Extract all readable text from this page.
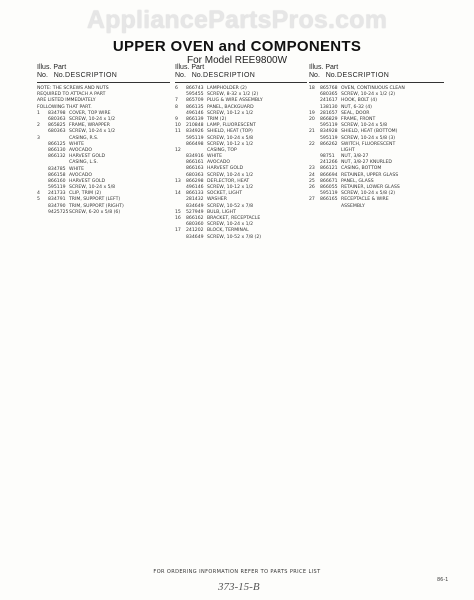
AppliancePartsPros.com
UPPER OVEN and COMPONENTS
For Model REE9800W
Illus. Part
No. No. DESCRIPTION
NOTE: THE SCREWS AND NUTS
REQUIRED TO ATTACH A PART
ARE LISTED IMMEDIATELY
FOLLOWING THAT PART.
1	834798 COVER, TOP WIRE
680363 SCREW, 10-24 x 1/2
2	865825 FRAME, WRAPPER
680363 SCREW, 10-24 x 1/2
3	CASING, R.S.
866125 WHITE
866130 AVOCADO
866132 HARVEST GOLD
CASING, L.S.
834785 WHITE
866158 AVOCADO
866160 HARVEST GOLD
595119 SCREW, 10-24 x 5/8
4	241733 CLIP, TRIM (2)
5	834791 TRIM, SUPPORT (LEFT)
834790 TRIM, SUPPORT (RIGHT)
9425725 SCREW, 6-20 x 5/8 (6)
Illus. Part
No. No. DESCRIPTION
6	866743 LAMPHOLDER (2)
595455 SCREW, 8-32 x 1/2 (2)
7	865709 PLUG & WIRE ASSEMBLY
8	866135 PANEL, BACKGUARD
496146 SCREW, 10-12 x 1/2
9	866139 TRIM (2)
10	210848 LAMP, FLUORESCENT
11	834926 SHIELD, HEAT (TOP)
595119 SCREW, 10-24 x 5/8
866498 SCREW, 10-12 x 1/2
12	CASING, TOP
834916 WHITE
866161 AVOCADO
866163 HARVEST GOLD
680363 SCREW, 10-24 x 1/2
13	866298 DEFLECTOR, HEAT
496146 SCREW, 10-12 x 1/2
14	866133 SOCKET, LIGHT
281432 WASHER
834649 SCREW, 10-52 x 7/8
15	527949 BULB, LIGHT
16	866162 BRACKET, RECEPTACLE
680360 SCREW, 10-24 x 1/2
17	241202 BLOCK, TERMINAL
834649 SCREW, 10-52 x 7/8 (2)
Illus. Part
No. No. DESCRIPTION
18	865768 OVEN, CONTINUOUS CLEAN
680365 SCREW, 10-24 x 1/2 (2)
241617 HOOK, BOLT (4)
138130 NUT, 6-32 (4)
19	281657 SEAL, DOOR
20	866829 FRAME, FRONT
595119 SCREW, 10-24 x 5/8
21	834928 SHIELD, HEAT (BOTTOM)
595119 SCREW, 10-24 x 5/8 (3)
22	866262 SWITCH, FLUORESCENT
LIGHT
98751 NUT, 3/8-27
241266 NUT, 3/8-27 KNURLED
23	866121 CASING, BOTTOM
24	866694 RETAINER, UPPER GLASS
25	866671 PANEL, GLASS
26	866055 RETAINER, LOWER GLASS
595119 SCREW, 10-24 x 5/8 (2)
27	866165 RECEPTACLE & WIRE
ASSEMBLY
FOR ORDERING INFORMATION REFER TO PARTS PRICE LIST
373-15-B
86-1
